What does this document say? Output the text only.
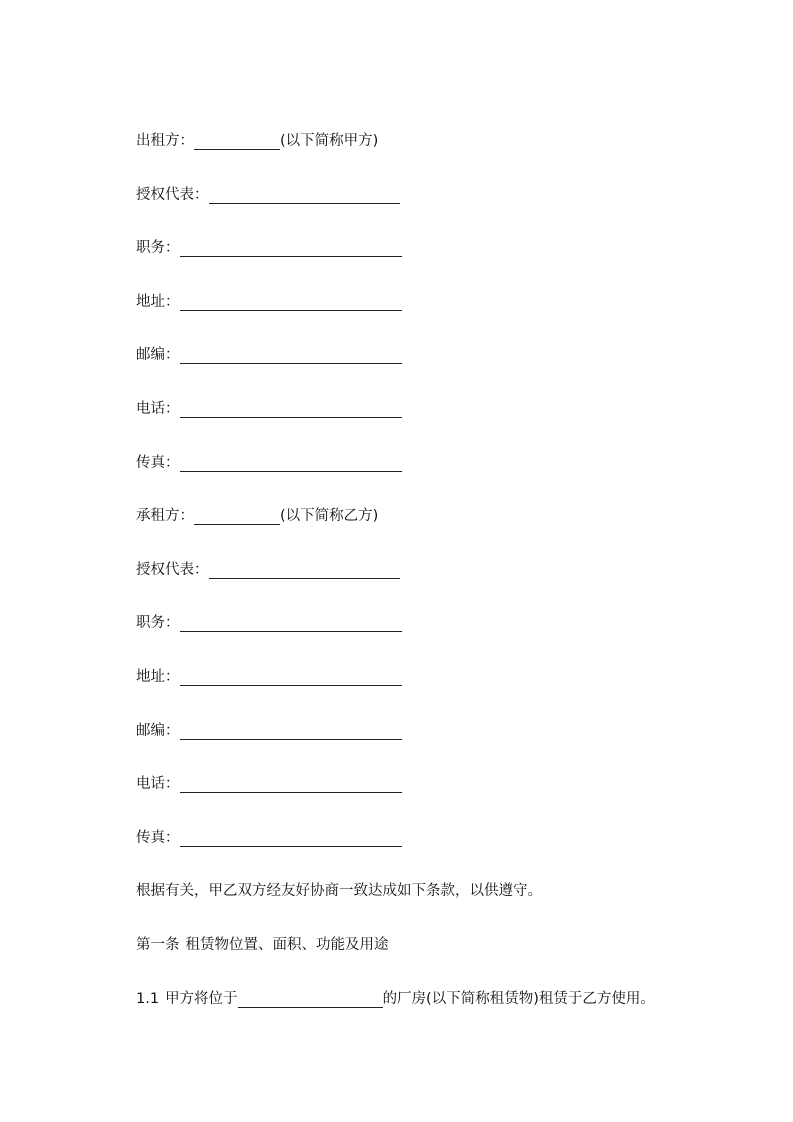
出租方：	(以下简称甲方)
授权代表：
职务：
地址：
邮编：
电话：
传真：
承租方：	(以下简称乙方)
授权代表：
职务：
地址：
邮编：
电话：
传真：
根据有关，甲乙双方经友好协商一致达成如下条款，以供遵守。
第一条 租赁物位置、面积、功能及用途
1.1 甲方将位于	的厂房(以下简称租赁物)租赁于乙方使用。
